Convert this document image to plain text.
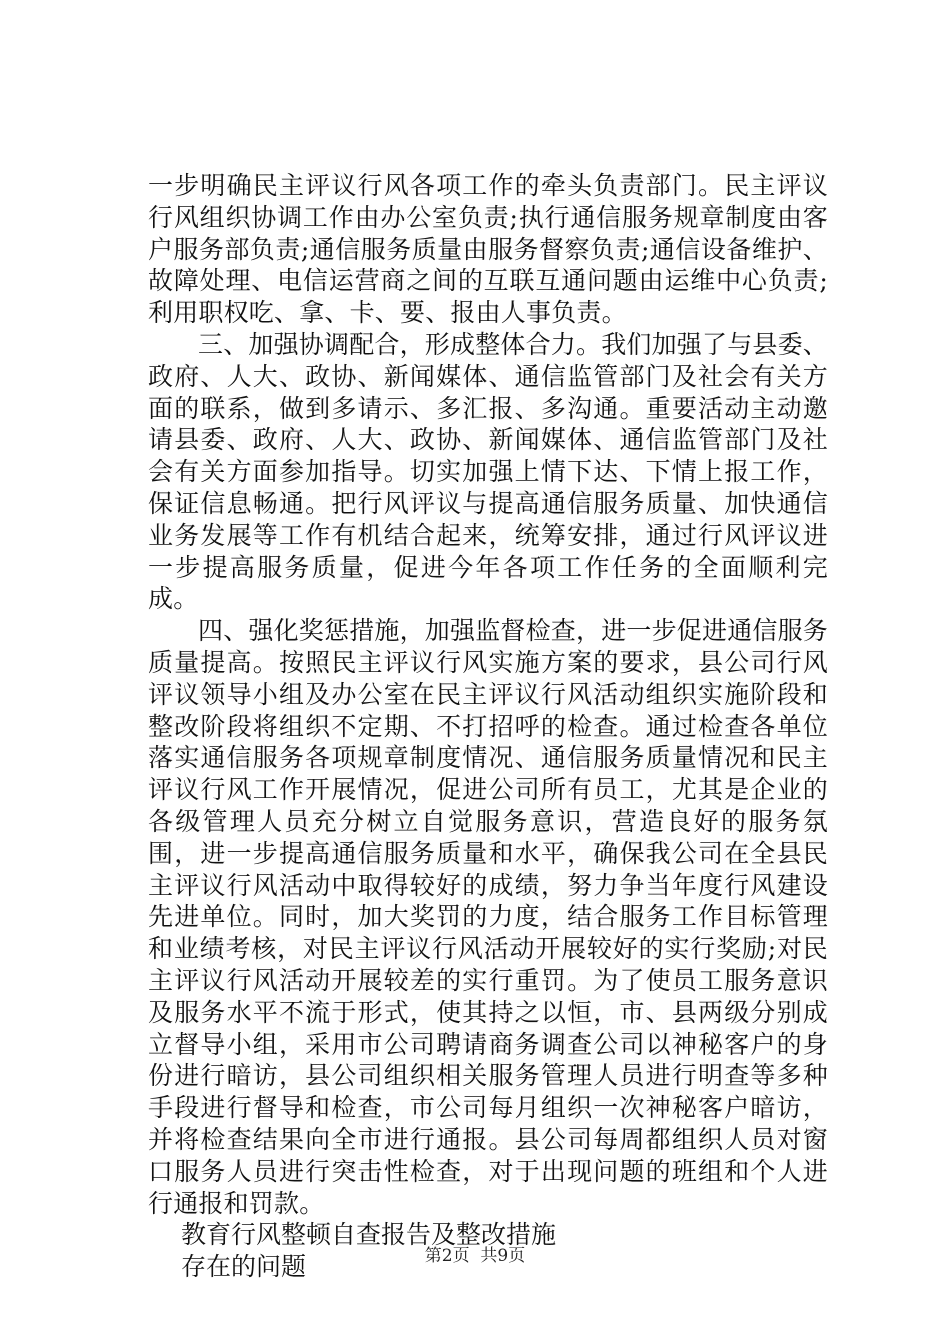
一步明确民主评议行风各项工作的牵头负责部门。民主评议行风组织协调工作由办公室负责;执行通信服务规章制度由客户服务部负责;通信服务质量由服务督察负责;通信设备维护、故障处理、电信运营商之间的互联互通问题由运维中心负责;利用职权吃、拿、卡、要、报由人事负责。

三、加强协调配合，形成整体合力。我们加强了与县委、政府、人大、政协、新闻媒体、通信监管部门及社会有关方面的联系，做到多请示、多汇报、多沟通。重要活动主动邀请县委、政府、人大、政协、新闻媒体、通信监管部门及社会有关方面参加指导。切实加强上情下达、下情上报工作，保证信息畅通。把行风评议与提高通信服务质量、加快通信业务发展等工作有机结合起来，统筹安排，通过行风评议进一步提高服务质量，促进今年各项工作任务的全面顺利完成。

四、强化奖惩措施，加强监督检查，进一步促进通信服务质量提高。按照民主评议行风实施方案的要求，县公司行风评议领导小组及办公室在民主评议行风活动组织实施阶段和整改阶段将组织不定期、不打招呼的检查。通过检查各单位落实通信服务各项规章制度情况、通信服务质量情况和民主评议行风工作开展情况，促进公司所有员工，尤其是企业的各级管理人员充分树立自觉服务意识，营造良好的服务氛围，进一步提高通信服务质量和水平，确保我公司在全县民主评议行风活动中取得较好的成绩，努力争当年度行风建设先进单位。同时，加大奖罚的力度，结合服务工作目标管理和业绩考核，对民主评议行风活动开展较好的实行奖励;对民主评议行风活动开展较差的实行重罚。为了使员工服务意识及服务水平不流于形式，使其持之以恒，市、县两级分别成立督导小组，采用市公司聘请商务调查公司以神秘客户的身份进行暗访，县公司组织相关服务管理人员进行明查等多种手段进行督导和检查，市公司每月组织一次神秘客户暗访，并将检查结果向全市进行通报。县公司每周都组织人员对窗口服务人员进行突击性检查，对于出现问题的班组和个人进行通报和罚款。

教育行风整顿自查报告及整改措施

存在的问题	第2页 共9页
